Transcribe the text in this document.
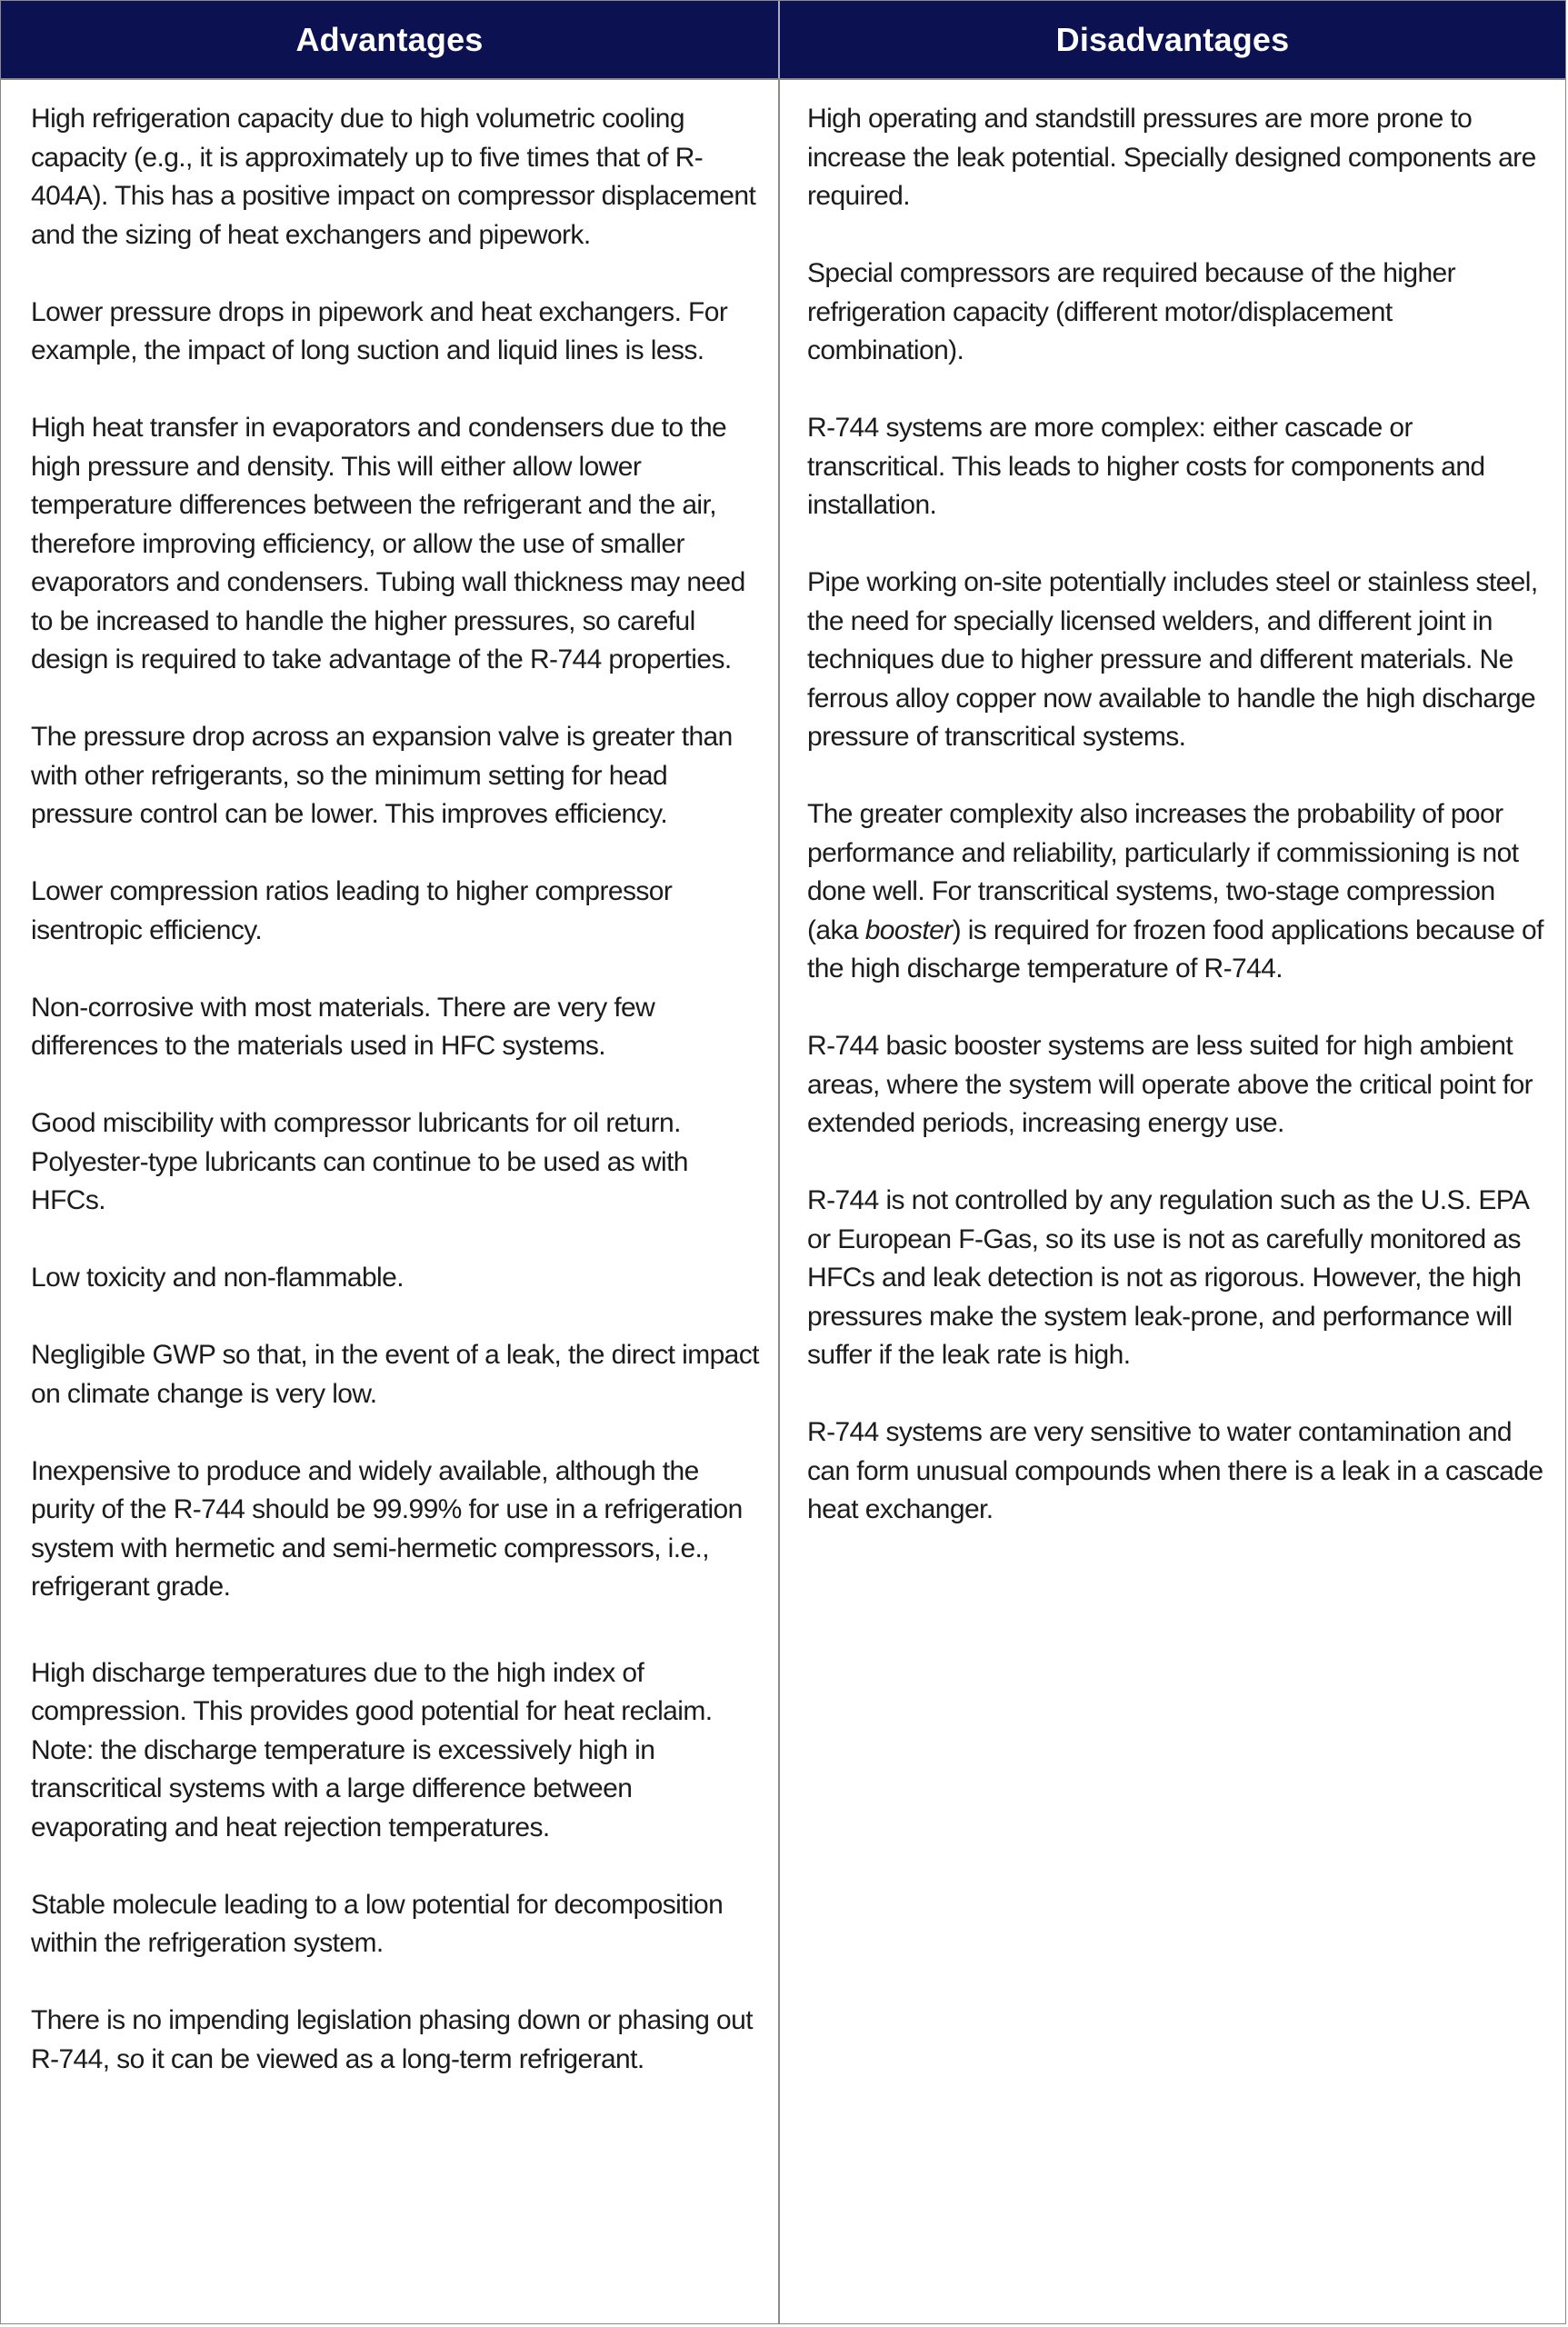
Advantages	Disadvantages

High refrigeration capacity due to high volumetric cooling capacity (e.g., it is approximately up to five times that of R-404A). This has a positive impact on compressor displacement and the sizing of heat exchangers and pipework.

Lower pressure drops in pipework and heat exchangers. For example, the impact of long suction and liquid lines is less.

High heat transfer in evaporators and condensers due to the high pressure and density. This will either allow lower temperature differences between the refrigerant and the air, therefore improving efficiency, or allow the use of smaller evaporators and condensers. Tubing wall thickness may need to be increased to handle the higher pressures, so careful design is required to take advantage of the R-744 properties.

The pressure drop across an expansion valve is greater than with other refrigerants, so the minimum setting for head pressure control can be lower. This improves efficiency.

Lower compression ratios leading to higher compressor isentropic efficiency.

Non-corrosive with most materials. There are very few differences to the materials used in HFC systems.

Good miscibility with compressor lubricants for oil return. Polyester-type lubricants can continue to be used as with HFCs.

Low toxicity and non-flammable.

Negligible GWP so that, in the event of a leak, the direct impact on climate change is very low.

Inexpensive to produce and widely available, although the purity of the R-744 should be 99.99% for use in a refrigeration system with hermetic and semi-hermetic compressors, i.e., refrigerant grade.

High discharge temperatures due to the high index of compression. This provides good potential for heat reclaim. Note: the discharge temperature is excessively high in transcritical systems with a large difference between evaporating and heat rejection temperatures.

Stable molecule leading to a low potential for decomposition within the refrigeration system.

There is no impending legislation phasing down or phasing out R-744, so it can be viewed as a long-term refrigerant.

High operating and standstill pressures are more prone to increase the leak potential. Specially designed components are required.

Special compressors are required because of the higher refrigeration capacity (different motor/displacement combination).

R-744 systems are more complex: either cascade or transcritical. This leads to higher costs for components and installation.

Pipe working on-site potentially includes steel or stainless steel, the need for specially licensed welders, and different joint in techniques due to higher pressure and different materials. Ne ferrous alloy copper now available to handle the high discharge pressure of transcritical systems.

The greater complexity also increases the probability of poor performance and reliability, particularly if commissioning is not done well. For transcritical systems, two-stage compression (aka booster) is required for frozen food applications because of the high discharge temperature of R-744.

R-744 basic booster systems are less suited for high ambient areas, where the system will operate above the critical point for extended periods, increasing energy use.

R-744 is not controlled by any regulation such as the U.S. EPA or European F-Gas, so its use is not as carefully monitored as HFCs and leak detection is not as rigorous. However, the high pressures make the system leak-prone, and performance will suffer if the leak rate is high.

R-744 systems are very sensitive to water contamination and can form unusual compounds when there is a leak in a cascade heat exchanger.
